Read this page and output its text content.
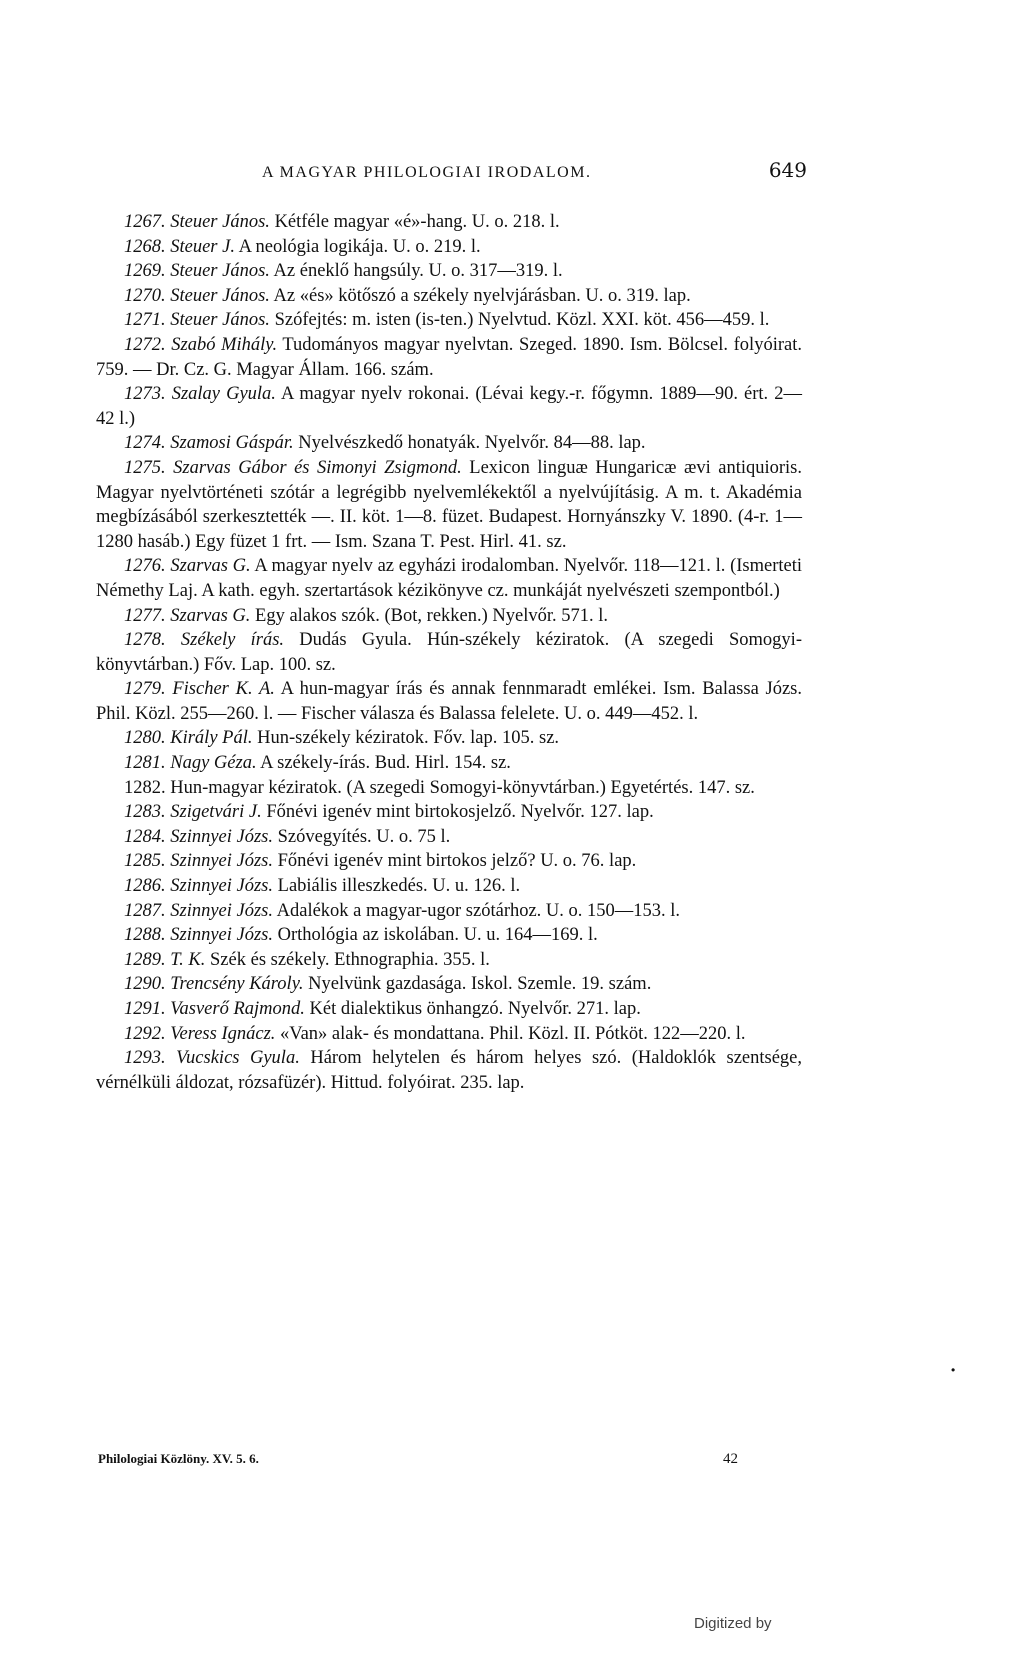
A MAGYAR PHILOLOGIAI IRODALOM.	649

1267. Steuer János. Kétféle magyar «é»-hang. U. o. 218. l.

1268. Steuer J. A neológia logikája. U. o. 219. l.

1269. Steuer János. Az éneklő hangsúly. U. o. 317—319. l.

1270. Steuer János. Az «és» kötőszó a székely nyelvjárásban. U. o. 319. lap.

1271. Steuer János. Szófejtés: m. isten (is-ten.) Nyelvtud. Közl. XXI. köt. 456—459. l.

1272. Szabó Mihály. Tudományos magyar nyelvtan. Szeged. 1890. Ism. Bölcsel. folyóirat. 759. — Dr. Cz. G. Magyar Állam. 166. szám.

1273. Szalay Gyula. A magyar nyelv rokonai. (Lévai kegy.-r. főgymn. 1889—90. ért. 2—42 l.)

1274. Szamosi Gáspár. Nyelvészkedő honatyák. Nyelvőr. 84—88. lap.

1275. Szarvas Gábor és Simonyi Zsigmond. Lexicon linguæ Hungaricæ ævi antiquioris. Magyar nyelvtörténeti szótár a legrégibb nyelvemlékektől a nyelvújításig. A m. t. Akadémia megbízásából szerkesztették —. II. köt. 1—8. füzet. Budapest. Hornyánszky V. 1890. (4-r. 1—1280 hasáb.) Egy füzet 1 frt. — Ism. Szana T. Pest. Hirl. 41. sz.

1276. Szarvas G. A magyar nyelv az egyházi irodalomban. Nyelvőr. 118—121. l. (Ismerteti Némethy Laj. A kath. egyh. szertartások kézikönyve cz. munkáját nyelvészeti szempontból.)

1277. Szarvas G. Egy alakos szók. (Bot, rekken.) Nyelvőr. 571. l.

1278. Székely írás. Dudás Gyula. Hún-székely kéziratok. (A szegedi Somogyi-könyvtárban.) Főv. Lap. 100. sz.

1279. Fischer K. A. A hun-magyar írás és annak fennmaradt emlékei. Ism. Balassa Józs. Phil. Közl. 255—260. l. — Fischer válasza és Balassa felelete. U. o. 449—452. l.

1280. Király Pál. Hun-székely kéziratok. Főv. lap. 105. sz.

1281. Nagy Géza. A székely-írás. Bud. Hirl. 154. sz.

1282. Hun-magyar kéziratok. (A szegedi Somogyi-könyvtárban.) Egyetértés. 147. sz.

1283. Szigetvári J. Főnévi igenév mint birtokosjelző. Nyelvőr. 127. lap.

1284. Szinnyei Józs. Szóvegyítés. U. o. 75 l.

1285. Szinnyei Józs. Főnévi igenév mint birtokos jelző? U. o. 76. lap.

1286. Szinnyei Józs. Labiális illeszkedés. U. u. 126. l.

1287. Szinnyei Józs. Adalékok a magyar-ugor szótárhoz. U. o. 150—153. l.

1288. Szinnyei Józs. Orthológia az iskolában. U. u. 164—169. l.

1289. T. K. Szék és székely. Ethnographia. 355. l.

1290. Trencsény Károly. Nyelvünk gazdasága. Iskol. Szemle. 19. szám.

1291. Vasverő Rajmond. Két dialektikus önhangzó. Nyelvőr. 271. lap.

1292. Veress Ignácz. «Van» alak- és mondattana. Phil. Közl. II. Pótköt. 122—220. l.

1293. Vucskics Gyula. Három helytelen és három helyes szó. (Haldoklók szentsége, vérnélküli áldozat, rózsafüzér). Hittud. folyóirat. 235. lap.

•
Philologiai Közlöny. XV. 5. 6.	42
Digitized by
